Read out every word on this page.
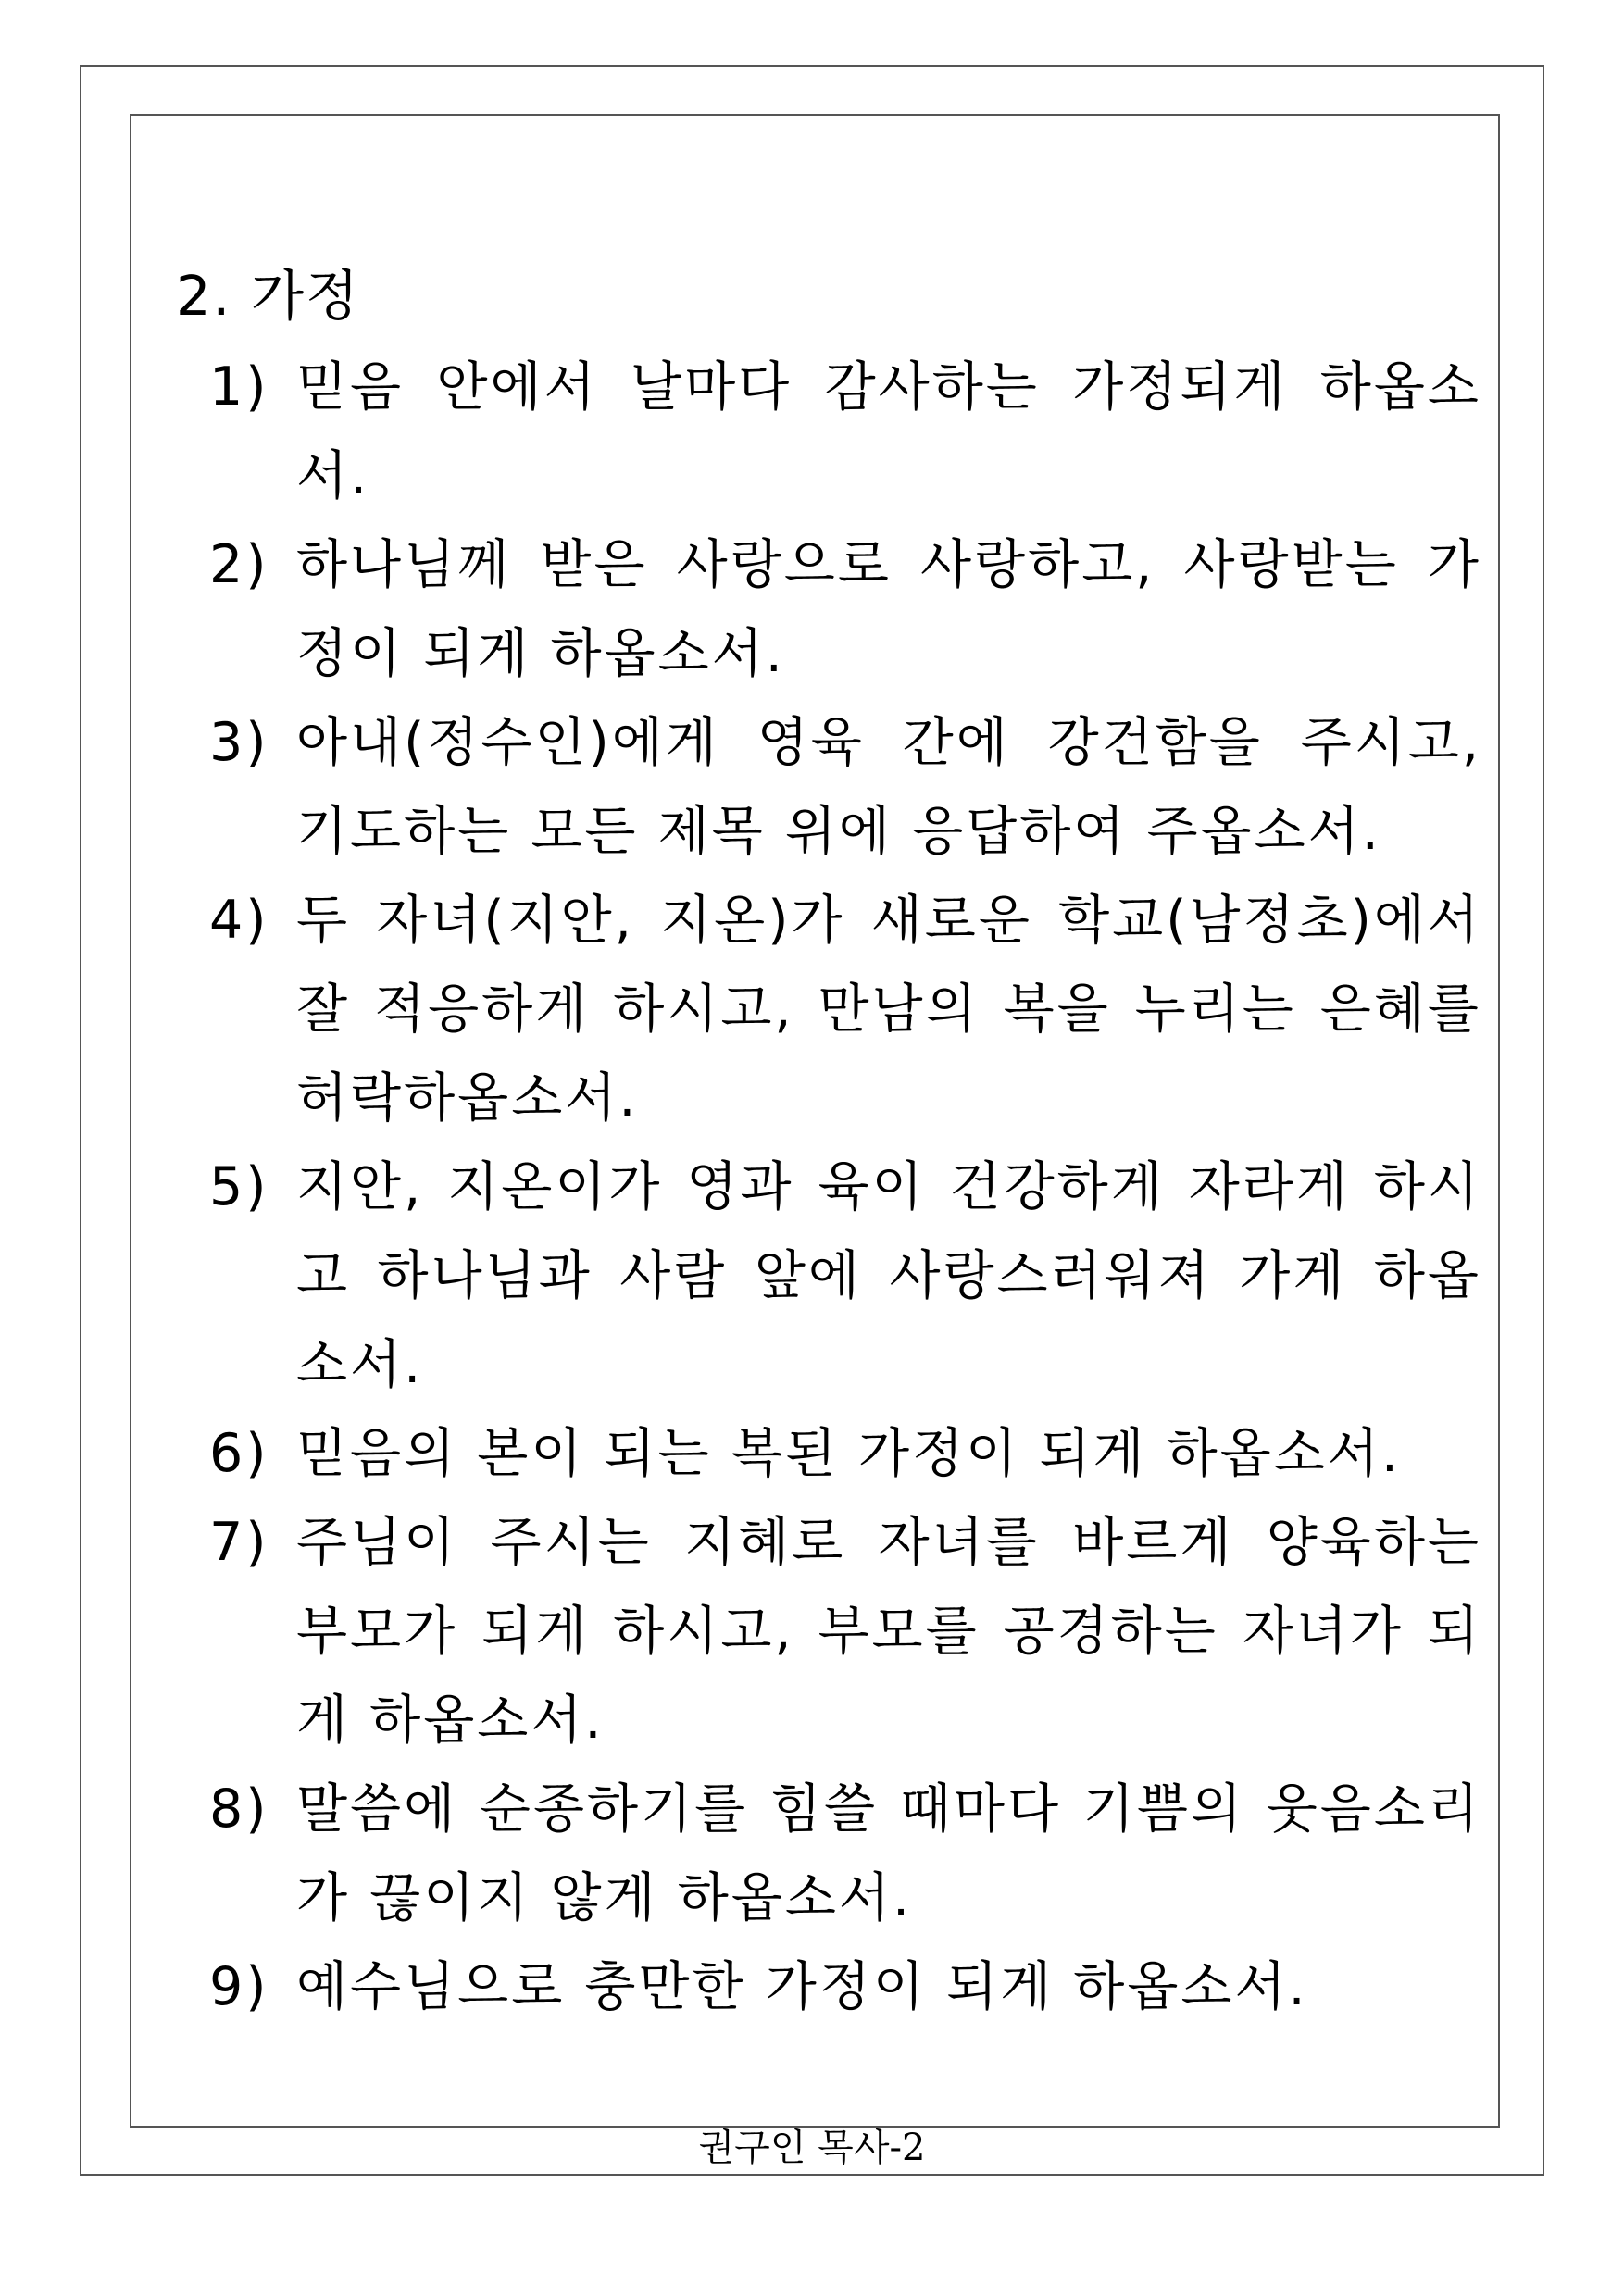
2. 가정
1) 믿음 안에서 날마다 감사하는 가정되게 하옵소서.
2) 하나님께 받은 사랑으로 사랑하고, 사랑받는 가정이 되게 하옵소서.
3) 아내(정수인)에게 영육 간에 강건함을 주시고, 기도하는 모든 제목 위에 응답하여 주옵소서.
4) 두 자녀(지안, 지온)가 새로운 학교(남정초)에서 잘 적응하게 하시고, 만남의 복을 누리는 은혜를 허락하옵소서.
5) 지안, 지온이가 영과 육이 건강하게 자라게 하시고 하나님과 사람 앞에 사랑스러워져 가게 하옵소서.
6) 믿음의 본이 되는 복된 가정이 되게 하옵소서.
7) 주님이 주시는 지혜로 자녀를 바르게 양육하는 부모가 되게 하시고, 부모를 공경하는 자녀가 되게 하옵소서.
8) 말씀에 순종하기를 힘쓸 때마다 기쁨의 웃음소리가 끊이지 않게 하옵소서.
9) 예수님으로 충만한 가정이 되게 하옵소서.
권구인 목사-2
